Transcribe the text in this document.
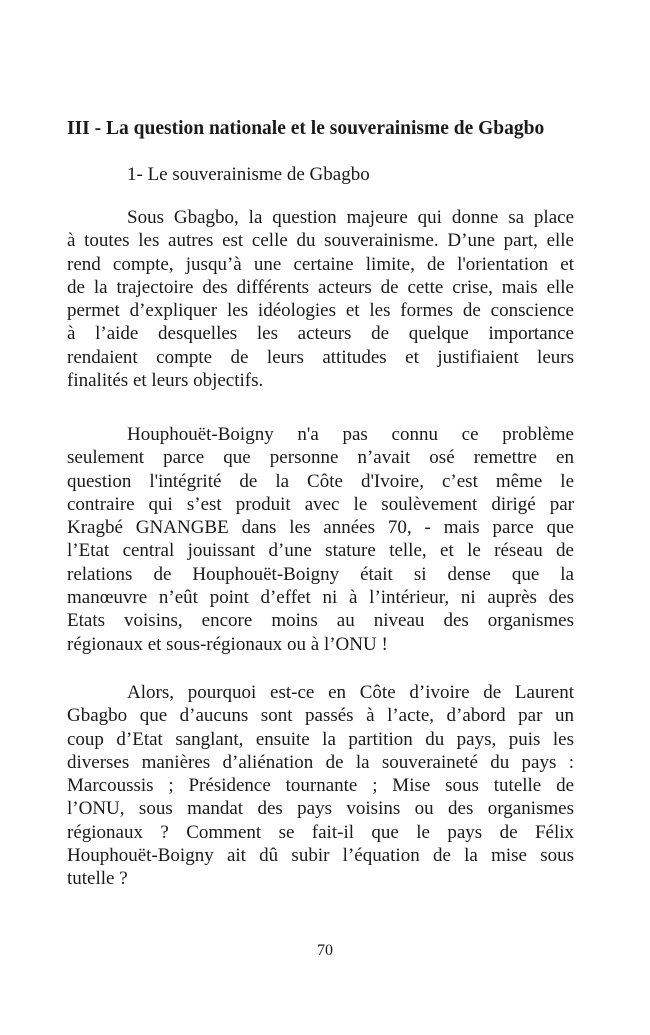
III - La question nationale et le souverainisme de Gbagbo
1- Le souverainisme de Gbagbo
Sous Gbagbo, la question majeure qui donne sa place
à toutes les autres est celle du souverainisme. D’une part, elle
rend compte, jusqu’à une certaine limite, de l'orientation et
de la trajectoire des différents acteurs de cette crise, mais elle
permet d’expliquer les idéologies et les formes de conscience
à l’aide desquelles les acteurs de quelque importance
rendaient compte de leurs attitudes et justifiaient leurs
finalités et leurs objectifs.
Houphouët-Boigny n'a pas connu ce problème
seulement parce que personne n’avait osé remettre en
question l'intégrité de la Côte d'Ivoire, c’est même le
contraire qui s’est produit avec le soulèvement dirigé par
Kragbé GNANGBE dans les années 70, - mais parce que
l’Etat central jouissant d’une stature telle, et le réseau de
relations de Houphouët-Boigny était si dense que la
manœuvre n’eût point d’effet ni à l’intérieur, ni auprès des
Etats voisins, encore moins au niveau des organismes
régionaux et sous-régionaux ou à l’ONU !
Alors, pourquoi est-ce en Côte d’ivoire de Laurent
Gbagbo que d’aucuns sont passés à l’acte, d’abord par un
coup d’Etat sanglant, ensuite la partition du pays, puis les
diverses manières d’aliénation de la souveraineté du pays :
Marcoussis ; Présidence tournante ; Mise sous tutelle de
l’ONU, sous mandat des pays voisins ou des organismes
régionaux ? Comment se fait-il que le pays de Félix
Houphouët-Boigny ait dû subir l’équation de la mise sous
tutelle ?
70
